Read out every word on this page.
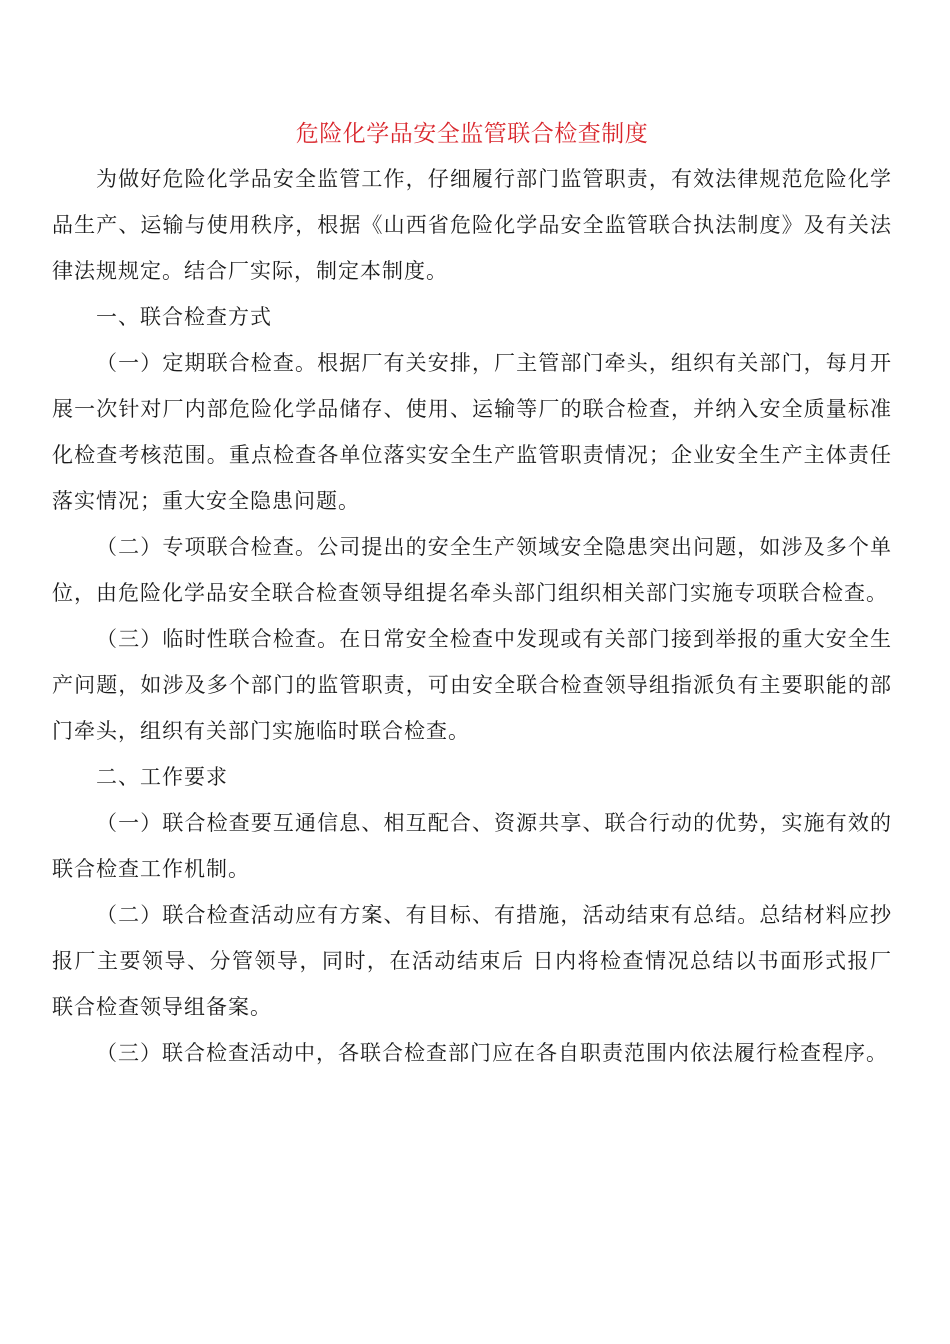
危险化学品安全监管联合检查制度

为做好危险化学品安全监管工作，仔细履行部门监管职责，有效法律规范危险化学品生产、运输与使用秩序，根据《山西省危险化学品安全监管联合执法制度》及有关法律法规规定。结合厂实际，制定本制度。

一、联合检查方式

（一）定期联合检查。根据厂有关安排，厂主管部门牵头，组织有关部门，每月开展一次针对厂内部危险化学品储存、使用、运输等厂的联合检查，并纳入安全质量标准化检查考核范围。重点检查各单位落实安全生产监管职责情况；企业安全生产主体责任落实情况；重大安全隐患问题。

（二）专项联合检查。公司提出的安全生产领域安全隐患突出问题，如涉及多个单位，由危险化学品安全联合检查领导组提名牵头部门组织相关部门实施专项联合检查。

（三）临时性联合检查。在日常安全检查中发现或有关部门接到举报的重大安全生产问题，如涉及多个部门的监管职责，可由安全联合检查领导组指派负有主要职能的部门牵头，组织有关部门实施临时联合检查。

二、工作要求

（一）联合检查要互通信息、相互配合、资源共享、联合行动的优势，实施有效的联合检查工作机制。

（二）联合检查活动应有方案、有目标、有措施，活动结束有总结。总结材料应抄报厂主要领导、分管领导，同时，在活动结束后 日内将检查情况总结以书面形式报厂联合检查领导组备案。

（三）联合检查活动中，各联合检查部门应在各自职责范围内依法履行检查程序。
